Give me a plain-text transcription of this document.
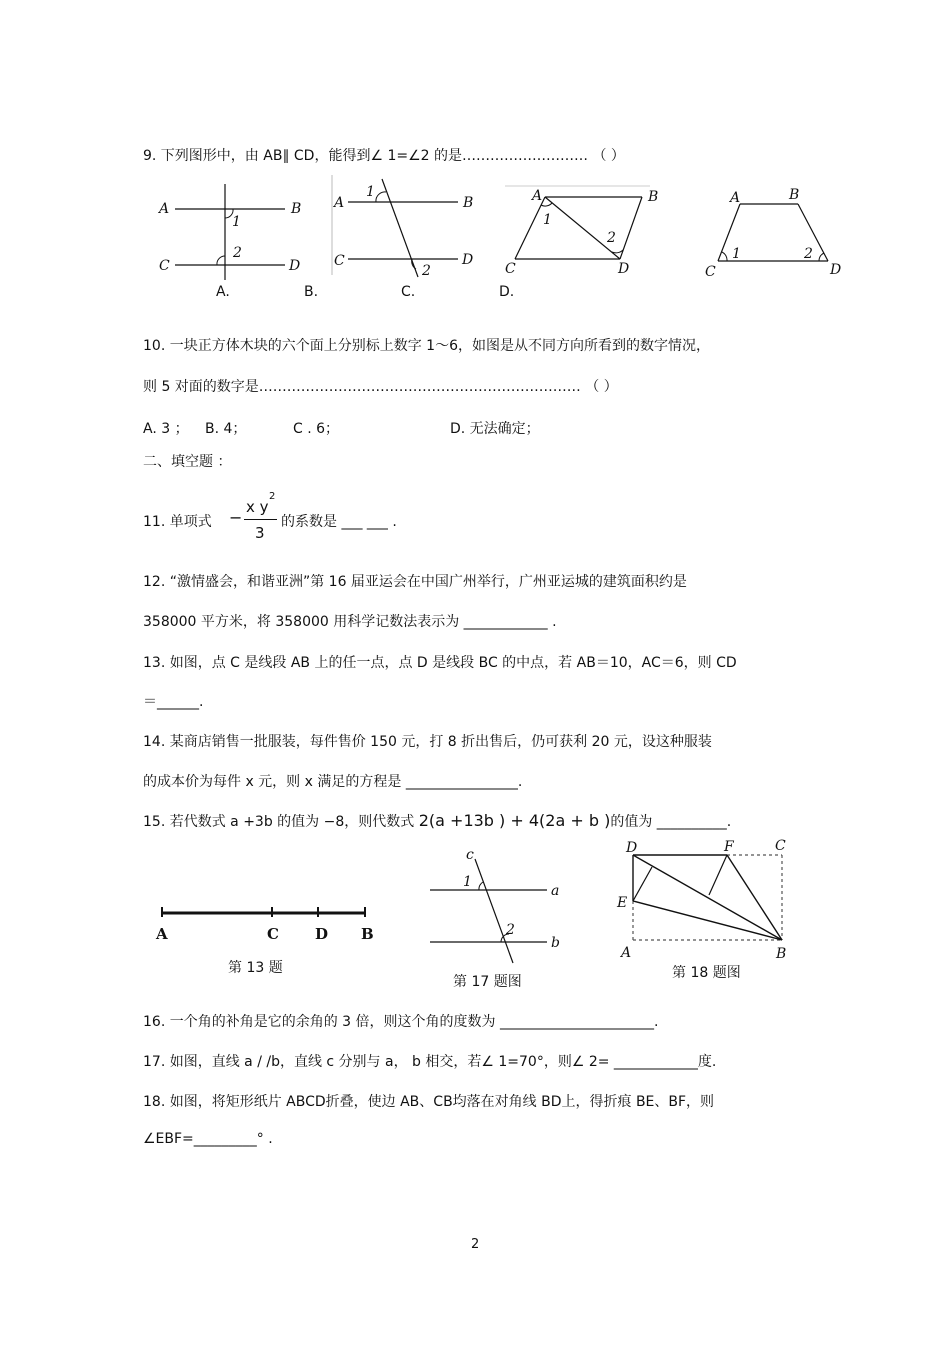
9. 下列图形中，由 AB∥ CD，能得到∠ 1=∠2 的是……………………… （ ）
A	B
C	D
1
2
A	B
C	D
1
2
A	B
C	D
1
2
A	B
C	D
1	2
A.	B.	C.	D.
10. 一块正方体木块的六个面上分别标上数字 1～6，如图是从不同方向所看到的数字情况，
则 5 对面的数字是…………………………………………………………… （ ）
A. 3 ； B. 4；	C . 6；	D. 无法确定；
二、填空题 ：
11. 单项式 −
x y
2
3
的系数是 ___ ___ .
12. “激情盛会，和谐亚洲”第 16 届亚运会在中国广州举行，广州亚运城的建筑面积约是
358000 平方米，将 358000 用科学记数法表示为 ____________ .
13. 如图，点 C 是线段 AB 上的任一点，点 D 是线段 BC 的中点，若 AB＝10，AC＝6，则 CD
＝______.
14. 某商店销售一批服装，每件售价 150 元，打 8 折出售后，仍可获利 20 元，设这种服装
的成本价为每件 x 元，则 x 满足的方程是 ________________.
15. 若代数式 a +3b 的值为 −8，则代数式 2(a +13b ) + 4(2a + b )的值为 __________.
A	C D B
第 13 题
c
a
b
1
2
第 17 题图
D	F	C
E
A	B
第 18 题图
16. 一个角的补角是它的余角的 3 倍，则这个角的度数为 ______________________.
17. 如图，直线 a / /b，直线 c 分别与 a， b 相交，若∠ 1=70°，则∠ 2= ____________度.
18. 如图，将矩形纸片 ABCD折叠，使边 AB、CB均落在对角线 BD上，得折痕 BE、BF，则
∠EBF=_________° .
2
